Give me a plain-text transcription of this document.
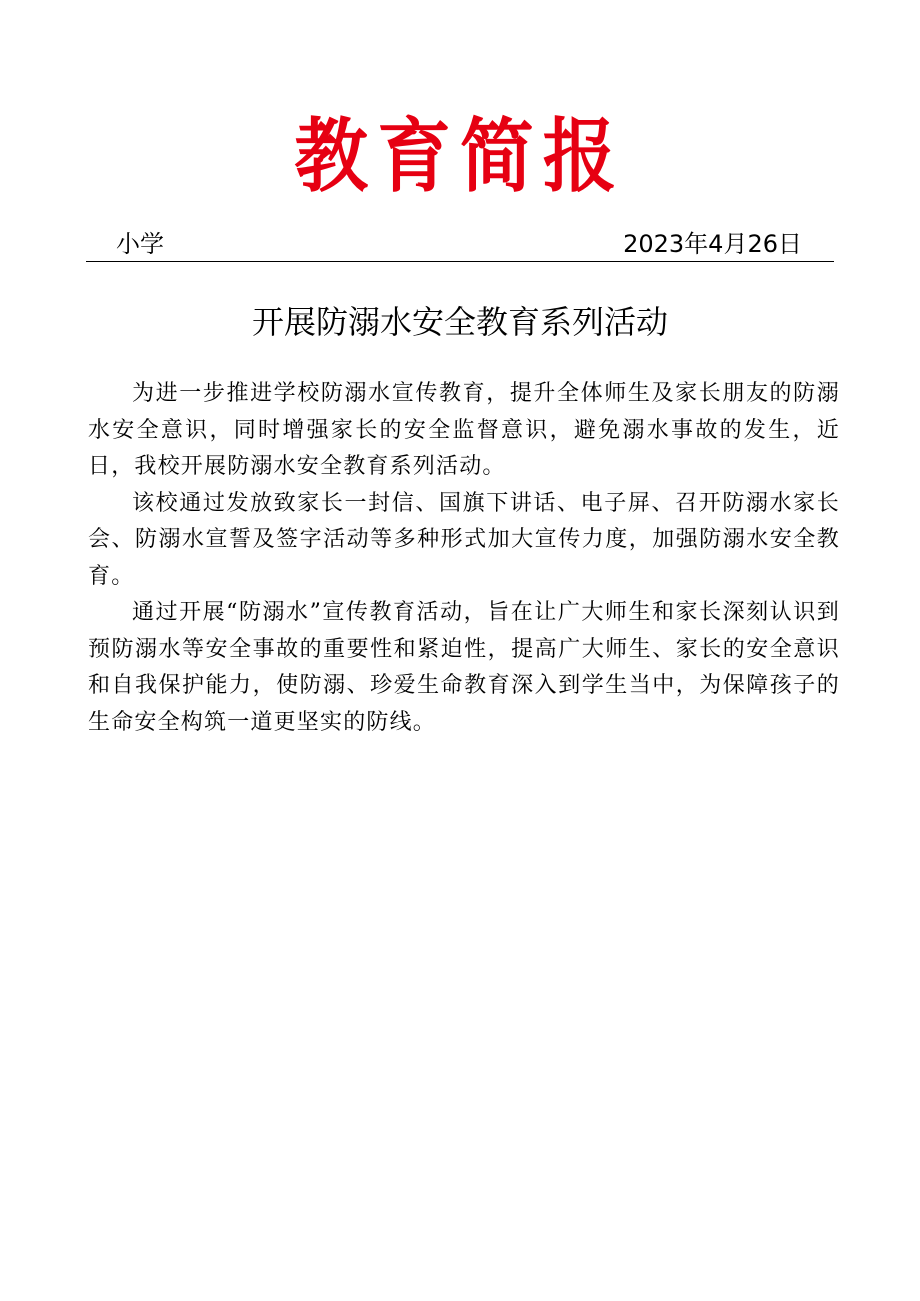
教育简报
小学	2023年4月26日
开展防溺水安全教育系列活动

为进一步推进学校防溺水宣传教育，提升全体师生及家长朋友的防溺水安全意识，同时增强家长的安全监督意识，避免溺水事故的发生，近日，我校开展防溺水安全教育系列活动。

该校通过发放致家长一封信、国旗下讲话、电子屏、召开防溺水家长会、防溺水宣誓及签字活动等多种形式加大宣传力度，加强防溺水安全教育。

通过开展“防溺水”宣传教育活动，旨在让广大师生和家长深刻认识到预防溺水等安全事故的重要性和紧迫性，提高广大师生、家长的安全意识和自我保护能力，使防溺、珍爱生命教育深入到学生当中，为保障孩子的生命安全构筑一道更坚实的防线。
